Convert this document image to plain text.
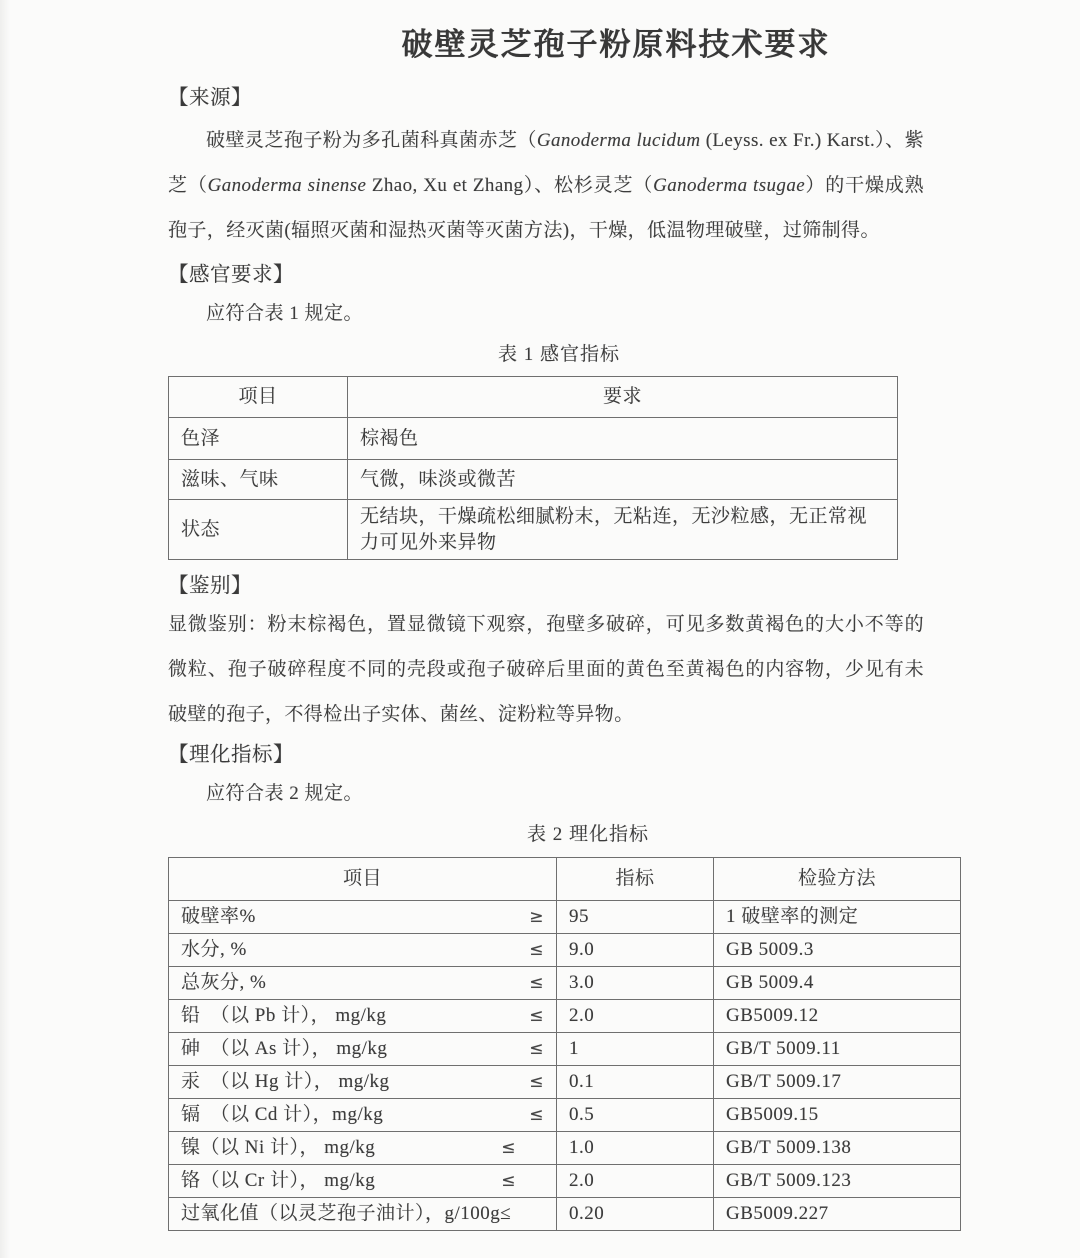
破壁灵芝孢子粉原料技术要求
【来源】

破壁灵芝孢子粉为多孔菌科真菌赤芝（Ganoderma lucidum (Leyss. ex Fr.) Karst.）、紫芝（Ganoderma sinense Zhao, Xu et Zhang）、松杉灵芝（Ganoderma tsugae）的干燥成熟孢子，经灭菌(辐照灭菌和湿热灭菌等灭菌方法)，干燥，低温物理破壁，过筛制得。

【感官要求】
应符合表 1 规定。
表 1 感官指标
项目	要求
色泽	棕褐色
滋味、气味	气微，味淡或微苦
状态	无结块，干燥疏松细腻粉末，无粘连，无沙粒感，无正常视力可见外来异物
【鉴别】

显微鉴别：粉末棕褐色，置显微镜下观察，孢壁多破碎，可见多数黄褐色的大小不等的微粒、孢子破碎程度不同的壳段或孢子破碎后里面的黄色至黄褐色的内容物，少见有未破壁的孢子，不得检出子实体、菌丝、淀粉粒等异物。

【理化指标】
应符合表 2 规定。
表 2 理化指标
项目	指标	检验方法

破壁率% ≥	95	1 破壁率的测定

水分, % ≤	9.0	GB 5009.3

总灰分, % ≤	3.0	GB 5009.4

铅　（以 Pb 计）， mg/kg ≤	2.0	GB5009.12

砷　（以 As 计）， mg/kg ≤	1	GB/T 5009.11

汞　（以 Hg 计）， mg/kg ≤	0.1	GB/T 5009.17

镉　（以 Cd 计），mg/kg ≤	0.5	GB5009.15

镍（以 Ni 计）， mg/kg ≤	1.0	GB/T 5009.138

铬（以 Cr 计）， mg/kg ≤	2.0	GB/T 5009.123

过氧化值（以灵芝孢子油计），g/100g≤	0.20	GB5009.227
